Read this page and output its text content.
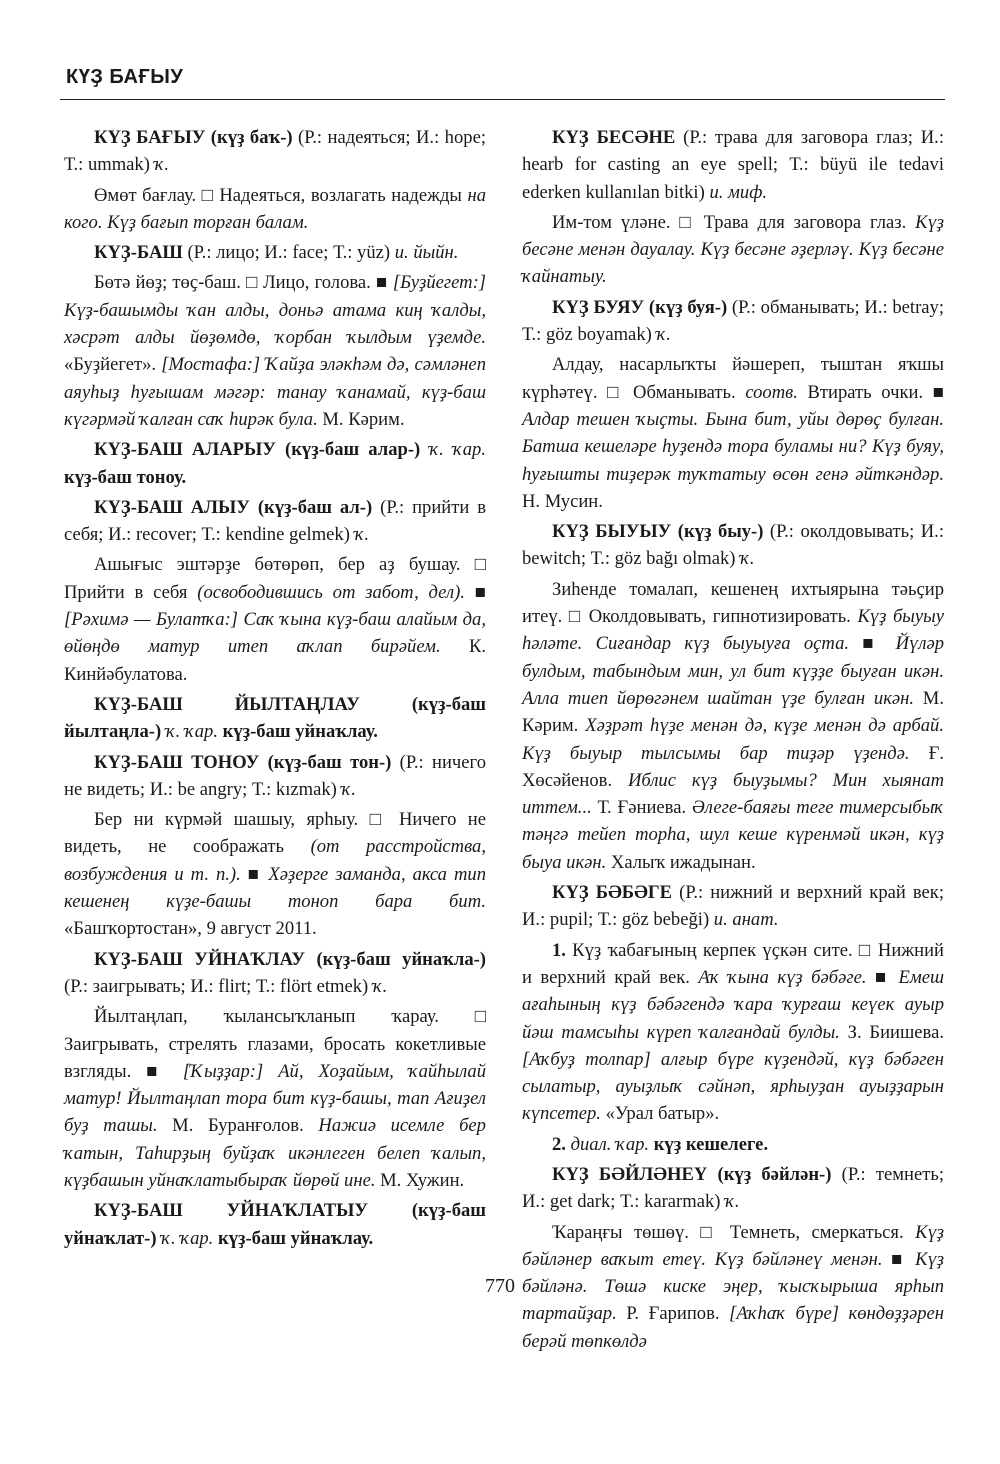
КҮҘ БАҒЫУ

КҮҘ БАҒЫУ (күҙ баҡ-) (Р.: надеяться; И.: hope; Т.: ummak) ҡ.

Өмөт бағлау. □ Надеяться, возлагать надежды на кого. Күҙ бағып торған балам.

КҮҘ-БАШ (Р.: лицо; И.: face; Т.: yüz) и. йыйн.

Бөтә йөҙ; төҫ-баш. □ Лицо, голова. ■ [Буҙйегет:] Күҙ-башымды ҡан алды, доньә атама киң ҡалды, хәсрәт алды йөҙөмдө, ҡорбан ҡылдым үҙемде. «Буҙйегет». [Мостафа:] Ҡайҙа эләкһәм дә, сәмләнеп аяуһыҙ һуғышам мәгәр: танау ҡанамай, күҙ-баш күгәрмәй ҡалған саҡ һирәк була. М. Кәрим.

КҮҘ-БАШ АЛАРЫУ (күҙ-баш алар-) ҡ. ҡар. күҙ-баш тоноу.

КҮҘ-БАШ АЛЫУ (күҙ-баш ал-) (Р.: прийти в себя; И.: recover; Т.: kendine gelmek) ҡ.

Ашығыс эштәрҙе бөтөрөп, бер аҙ бушау. □ Прийти в себя (освободившись от забот, дел). ■ [Рәхимә — Булатҡа:] Саҡ ҡына күҙ-баш алайым да, өйөңдө матур итеп аҡлап бирәйем. К. Кинйәбулатова.

КҮҘ-БАШ ЙЫЛТАҢЛАУ (күҙ-баш йылтаңла-) ҡ. ҡар. күҙ-баш уйнаҡлау.

КҮҘ-БАШ ТОНОУ (күҙ-баш тон-) (Р.: ничего не видеть; И.: be angry; Т.: kızmak) ҡ.

Бер ни күрмәй шашыу, ярһыу. □ Ничего не видеть, не соображать (от расстройства, возбуждения и т. п.). ■ Хәҙерге заманда, акса тип кешенең күҙе-башы тоноп бара бит. «Башҡортостан», 9 август 2011.

КҮҘ-БАШ УЙНАҠЛАУ (күҙ-баш уйнаҡла-) (Р.: заигрывать; И.: flirt; Т.: flört etmek) ҡ.

Йылтаңлап, ҡылансыҡланып ҡарау. □ Заигрывать, стрелять глазами, бросать кокетливые взгляды. ■ [Ҡыҙҙар:] Ай, Хоҙайым, ҡайһылай матур! Йылтаңлап тора бит күҙ-башы, тап Ағиҙел буҙ ташы. М. Буранғолов. Нажиә исемле бер ҡатын, Таһирҙың буйҙаҡ икәнлеген белеп ҡалып, күҙбашын уйнаҡлатыбыраҡ йөрөй ине. М. Хужин.

КҮҘ-БАШ УЙНАҠЛАТЫУ (күҙ-баш уйнаҡлат-) ҡ. ҡар. күҙ-баш уйнаҡлау.

КҮҘ БЕСӘНЕ (Р.: трава для заговора глаз; И.: hearb for casting an eye spell; Т.: büyü ile tedavi ederken kullanılan bitki) и. миф.

Им-том үләне. □ Трава для заговора глаз. Күҙ бесәне менән дауалау. Күҙ бесәне әҙерләү. Күҙ бесәне ҡайнатыу.

КҮҘ БУЯУ (күҙ буя-) (Р.: обманывать; И.: betray; Т.: göz boyamak) ҡ.

Алдау, насарлыҡты йәшереп, тыштан яҡшы күрһәтеү. □ Обманывать. соотв. Втирать очки. ■ Алдар тешен ҡыҫты. Бына бит, уйы дөрөҫ булған. Батша кешеләре һуҙендә тора буламы ни? Күҙ буяу, һуғышты тиҙерәк туҡтатыу өсөн генә әйткәндәр. Н. Мусин.

КҮҘ БЫУЫУ (күҙ быу-) (Р.: околдовывать; И.: bewitch; Т.: göz bağı olmak) ҡ.

Зиһенде томалап, кешенең ихтыярына тәьҫир итеү. □ Околдовывать, гипнотизировать. Күҙ быуыу һәләте. Сиғандар күҙ быуыуға оҫта. ■ Йүләр булдым, табындым мин, ул бит күҙҙе быуған икән. Алла тиеп йөрөгәнем шайтан үҙе булған икән. М. Кәрим. Хәҙрәт һүҙе менән дә, күҙе менән дә арбай. Күҙ быуыр тылсымы бар тиҙәр үҙендә. Ғ. Хөсәйенов. Иблис күҙ быуҙымы? Мин хыянат иттем... Т. Ғәниева. Әлеге-баяғы теге тимерсыбыҡ тәңгә тейеп торһа, шул кеше күренмәй икән, күҙ быуа икән. Халыҡ ижадынан.

КҮҘ БӘБӘГЕ (Р.: нижний и верхний край век; И.: pupil; Т.: göz bebeği) и. анат.

1. Күҙ ҡабағының керпек үҫкән ситe. □ Нижний и верхний край век. Аҡ ҡына күҙ бәбәге. ■ Емеш ағаһының күҙ бәбәгендә ҡара ҡурғаш кеүек ауыр йәш тамсыһы күреп ҡалғандай булды. З. Биишева. [Аҡбуҙ толпар] алғыр бүре күҙендәй, күҙ бәбәген сылатыр, ауыҙлыҡ сәйнәп, ярһыуҙан ауыҙҙарын күпсетер. «Урал батыр».

2. диал. ҡар. күҙ кешелеге.

КҮҘ БӘЙЛӘНЕҮ (күҙ бәйлән-) (Р.: темнеть; И.: get dark; Т.: kararmak) ҡ.

Ҡараңғы төшөү. □ Темнеть, смеркаться. Күҙ бәйләнер ваҡыт етеү. Күҙ бәйләнеү менән. ■ Күҙ бәйләнә. Төшә киске эңер, ҡысҡырыша ярһып тартайҙар. Р. Ғарипов. [Аҡһаҡ бүре] көндөҙҙәрен берәй төпкөлдә

770
